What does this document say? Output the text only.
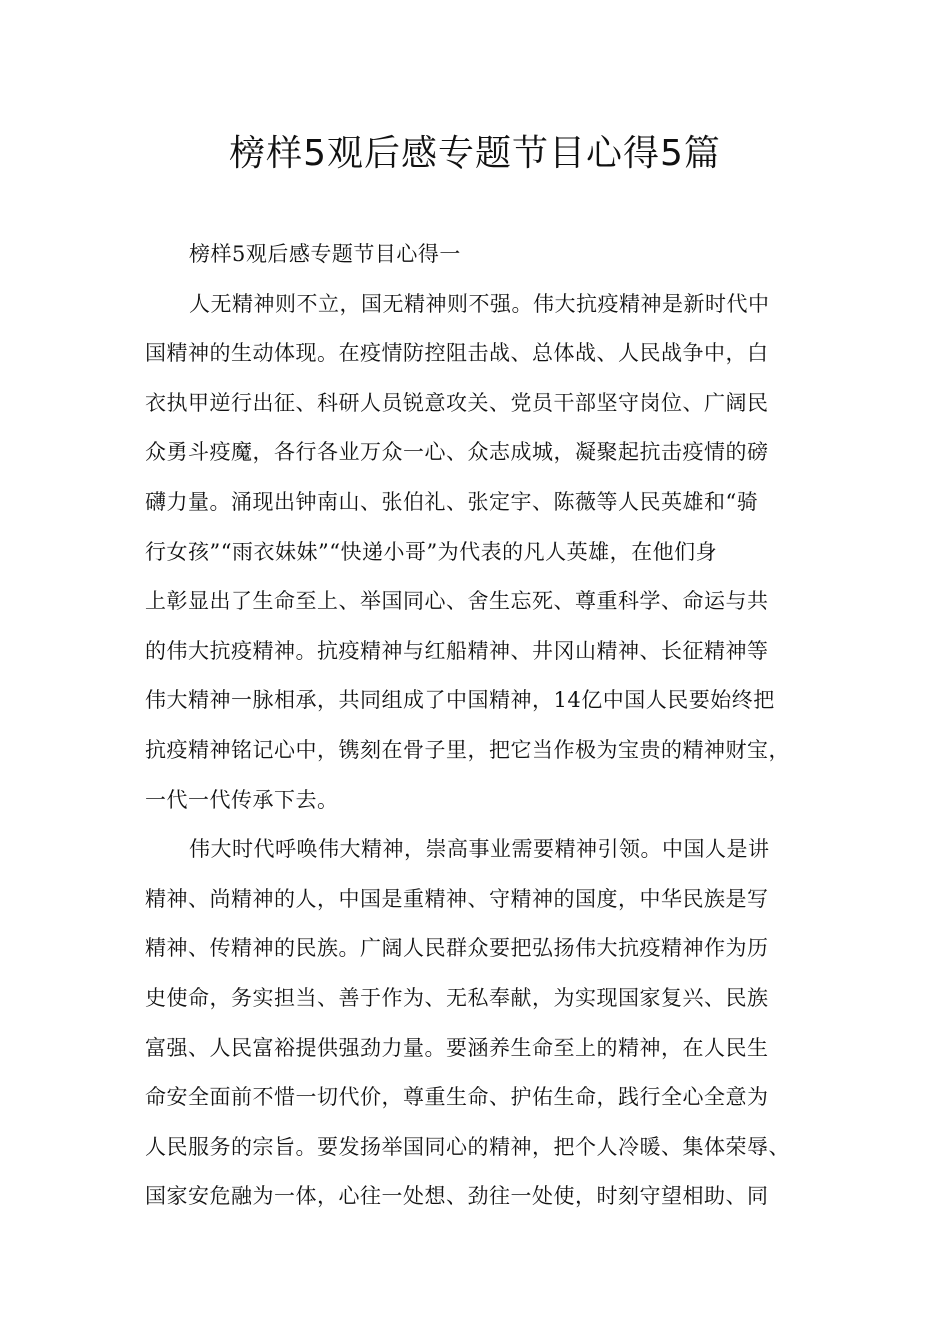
榜样5观后感专题节目心得5篇
榜样5观后感专题节目心得一
人无精神则不立，国无精神则不强。伟大抗疫精神是新时代中
国精神的生动体现。在疫情防控阻击战、总体战、人民战争中，白
衣执甲逆行出征、科研人员锐意攻关、党员干部坚守岗位、广阔民
众勇斗疫魔，各行各业万众一心、众志成城，凝聚起抗击疫情的磅
礴力量。涌现出钟南山、张伯礼、张定宇、陈薇等人民英雄和“骑
行女孩”“雨衣妹妹”“快递小哥”为代表的凡人英雄，在他们身
上彰显出了生命至上、举国同心、舍生忘死、尊重科学、命运与共
的伟大抗疫精神。抗疫精神与红船精神、井冈山精神、长征精神等
伟大精神一脉相承，共同组成了中国精神，14亿中国人民要始终把
抗疫精神铭记心中，镌刻在骨子里，把它当作极为宝贵的精神财宝，
一代一代传承下去。
伟大时代呼唤伟大精神，崇高事业需要精神引领。中国人是讲
精神、尚精神的人，中国是重精神、守精神的国度，中华民族是写
精神、传精神的民族。广阔人民群众要把弘扬伟大抗疫精神作为历
史使命，务实担当、善于作为、无私奉献，为实现国家复兴、民族
富强、人民富裕提供强劲力量。要涵养生命至上的精神，在人民生
命安全面前不惜一切代价，尊重生命、护佑生命，践行全心全意为
人民服务的宗旨。要发扬举国同心的精神，把个人冷暖、集体荣辱、
国家安危融为一体，心往一处想、劲往一处使，时刻守望相助、同
